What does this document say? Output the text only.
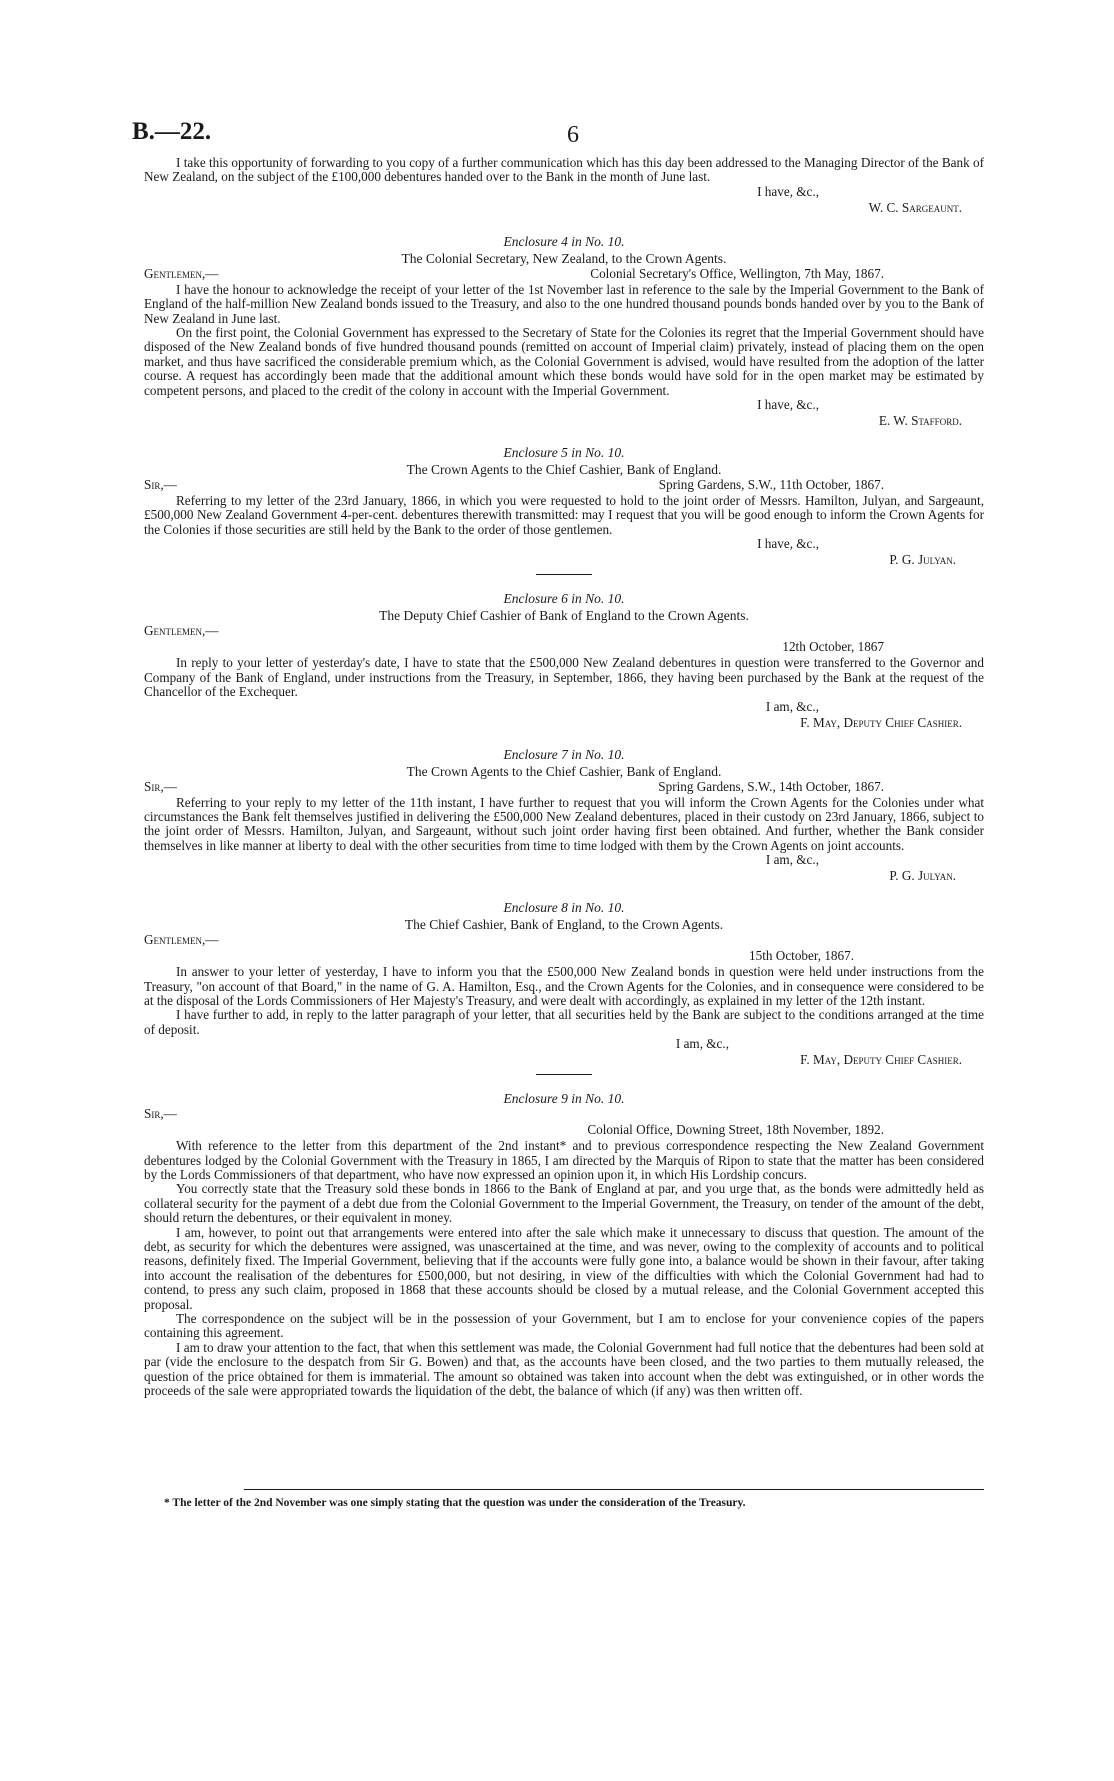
B.—22.	6

I take this opportunity of forwarding to you copy of a further communication which has this day been addressed to the Managing Director of the Bank of New Zealand, on the subject of the £100,000 debentures handed over to the Bank in the month of June last.

I have, &c.,
W. C. Sargeaunt.
Enclosure 4 in No. 10.
The Colonial Secretary, New Zealand, to the Crown Agents.
Gentlemen,—	Colonial Secretary's Office, Wellington, 7th May, 1867.

I have the honour to acknowledge the receipt of your letter of the 1st November last in reference to the sale by the Imperial Government to the Bank of England of the half-million New Zealand bonds issued to the Treasury, and also to the one hundred thousand pounds bonds handed over by you to the Bank of New Zealand in June last.

On the first point, the Colonial Government has expressed to the Secretary of State for the Colonies its regret that the Imperial Government should have disposed of the New Zealand bonds of five hundred thousand pounds (remitted on account of Imperial claim) privately, instead of placing them on the open market, and thus have sacrificed the considerable premium which, as the Colonial Government is advised, would have resulted from the adoption of the latter course. A request has accordingly been made that the additional amount which these bonds would have sold for in the open market may be estimated by competent persons, and placed to the credit of the colony in account with the Imperial Government.

I have, &c.,
E. W. Stafford.
Enclosure 5 in No. 10.
The Crown Agents to the Chief Cashier, Bank of England.
Sir,—	Spring Gardens, S.W., 11th October, 1867.

Referring to my letter of the 23rd January, 1866, in which you were requested to hold to the joint order of Messrs. Hamilton, Julyan, and Sargeaunt, £500,000 New Zealand Government 4-per-cent. debentures therewith transmitted: may I request that you will be good enough to inform the Crown Agents for the Colonies if those securities are still held by the Bank to the order of those gentlemen.

I have, &c.,
P. G. Julyan.
Enclosure 6 in No. 10.
The Deputy Chief Cashier of Bank of England to the Crown Agents.
Gentlemen,—
12th October, 1867

In reply to your letter of yesterday's date, I have to state that the £500,000 New Zealand debentures in question were transferred to the Governor and Company of the Bank of England, under instructions from the Treasury, in September, 1866, they having been purchased by the Bank at the request of the Chancellor of the Exchequer.

I am, &c.,
F. May, Deputy Chief Cashier.
Enclosure 7 in No. 10.
The Crown Agents to the Chief Cashier, Bank of England.
Sir,—	Spring Gardens, S.W., 14th October, 1867.

Referring to your reply to my letter of the 11th instant, I have further to request that you will inform the Crown Agents for the Colonies under what circumstances the Bank felt themselves justified in delivering the £500,000 New Zealand debentures, placed in their custody on 23rd January, 1866, subject to the joint order of Messrs. Hamilton, Julyan, and Sargeaunt, without such joint order having first been obtained. And further, whether the Bank consider themselves in like manner at liberty to deal with the other securities from time to time lodged with them by the Crown Agents on joint accounts.

I am, &c.,
P. G. Julyan.
Enclosure 8 in No. 10.
The Chief Cashier, Bank of England, to the Crown Agents.
Gentlemen,—
15th October, 1867.

In answer to your letter of yesterday, I have to inform you that the £500,000 New Zealand bonds in question were held under instructions from the Treasury, "on account of that Board," in the name of G. A. Hamilton, Esq., and the Crown Agents for the Colonies, and in consequence were considered to be at the disposal of the Lords Commissioners of Her Majesty's Treasury, and were dealt with accordingly, as explained in my letter of the 12th instant.

I have further to add, in reply to the latter paragraph of your letter, that all securities held by the Bank are subject to the conditions arranged at the time of deposit.

I am, &c.,
F. May, Deputy Chief Cashier.
Enclosure 9 in No. 10.
Sir,—
Colonial Office, Downing Street, 18th November, 1892.

With reference to the letter from this department of the 2nd instant* and to previous correspondence respecting the New Zealand Government debentures lodged by the Colonial Government with the Treasury in 1865, I am directed by the Marquis of Ripon to state that the matter has been considered by the Lords Commissioners of that department, who have now expressed an opinion upon it, in which His Lordship concurs.

You correctly state that the Treasury sold these bonds in 1866 to the Bank of England at par, and you urge that, as the bonds were admittedly held as collateral security for the payment of a debt due from the Colonial Government to the Imperial Government, the Treasury, on tender of the amount of the debt, should return the debentures, or their equivalent in money.

I am, however, to point out that arrangements were entered into after the sale which make it unnecessary to discuss that question. The amount of the debt, as security for which the debentures were assigned, was unascertained at the time, and was never, owing to the complexity of accounts and to political reasons, definitely fixed. The Imperial Government, believing that if the accounts were fully gone into, a balance would be shown in their favour, after taking into account the realisation of the debentures for £500,000, but not desiring, in view of the difficulties with which the Colonial Government had had to contend, to press any such claim, proposed in 1868 that these accounts should be closed by a mutual release, and the Colonial Government accepted this proposal.

The correspondence on the subject will be in the possession of your Government, but I am to enclose for your convenience copies of the papers containing this agreement.

I am to draw your attention to the fact, that when this settlement was made, the Colonial Government had full notice that the debentures had been sold at par (vide the enclosure to the despatch from Sir G. Bowen) and that, as the accounts have been closed, and the two parties to them mutually released, the question of the price obtained for them is immaterial. The amount so obtained was taken into account when the debt was extinguished, or in other words the proceeds of the sale were appropriated towards the liquidation of the debt, the balance of which (if any) was then written off.

* The letter of the 2nd November was one simply stating that the question was under the consideration of the Treasury.
